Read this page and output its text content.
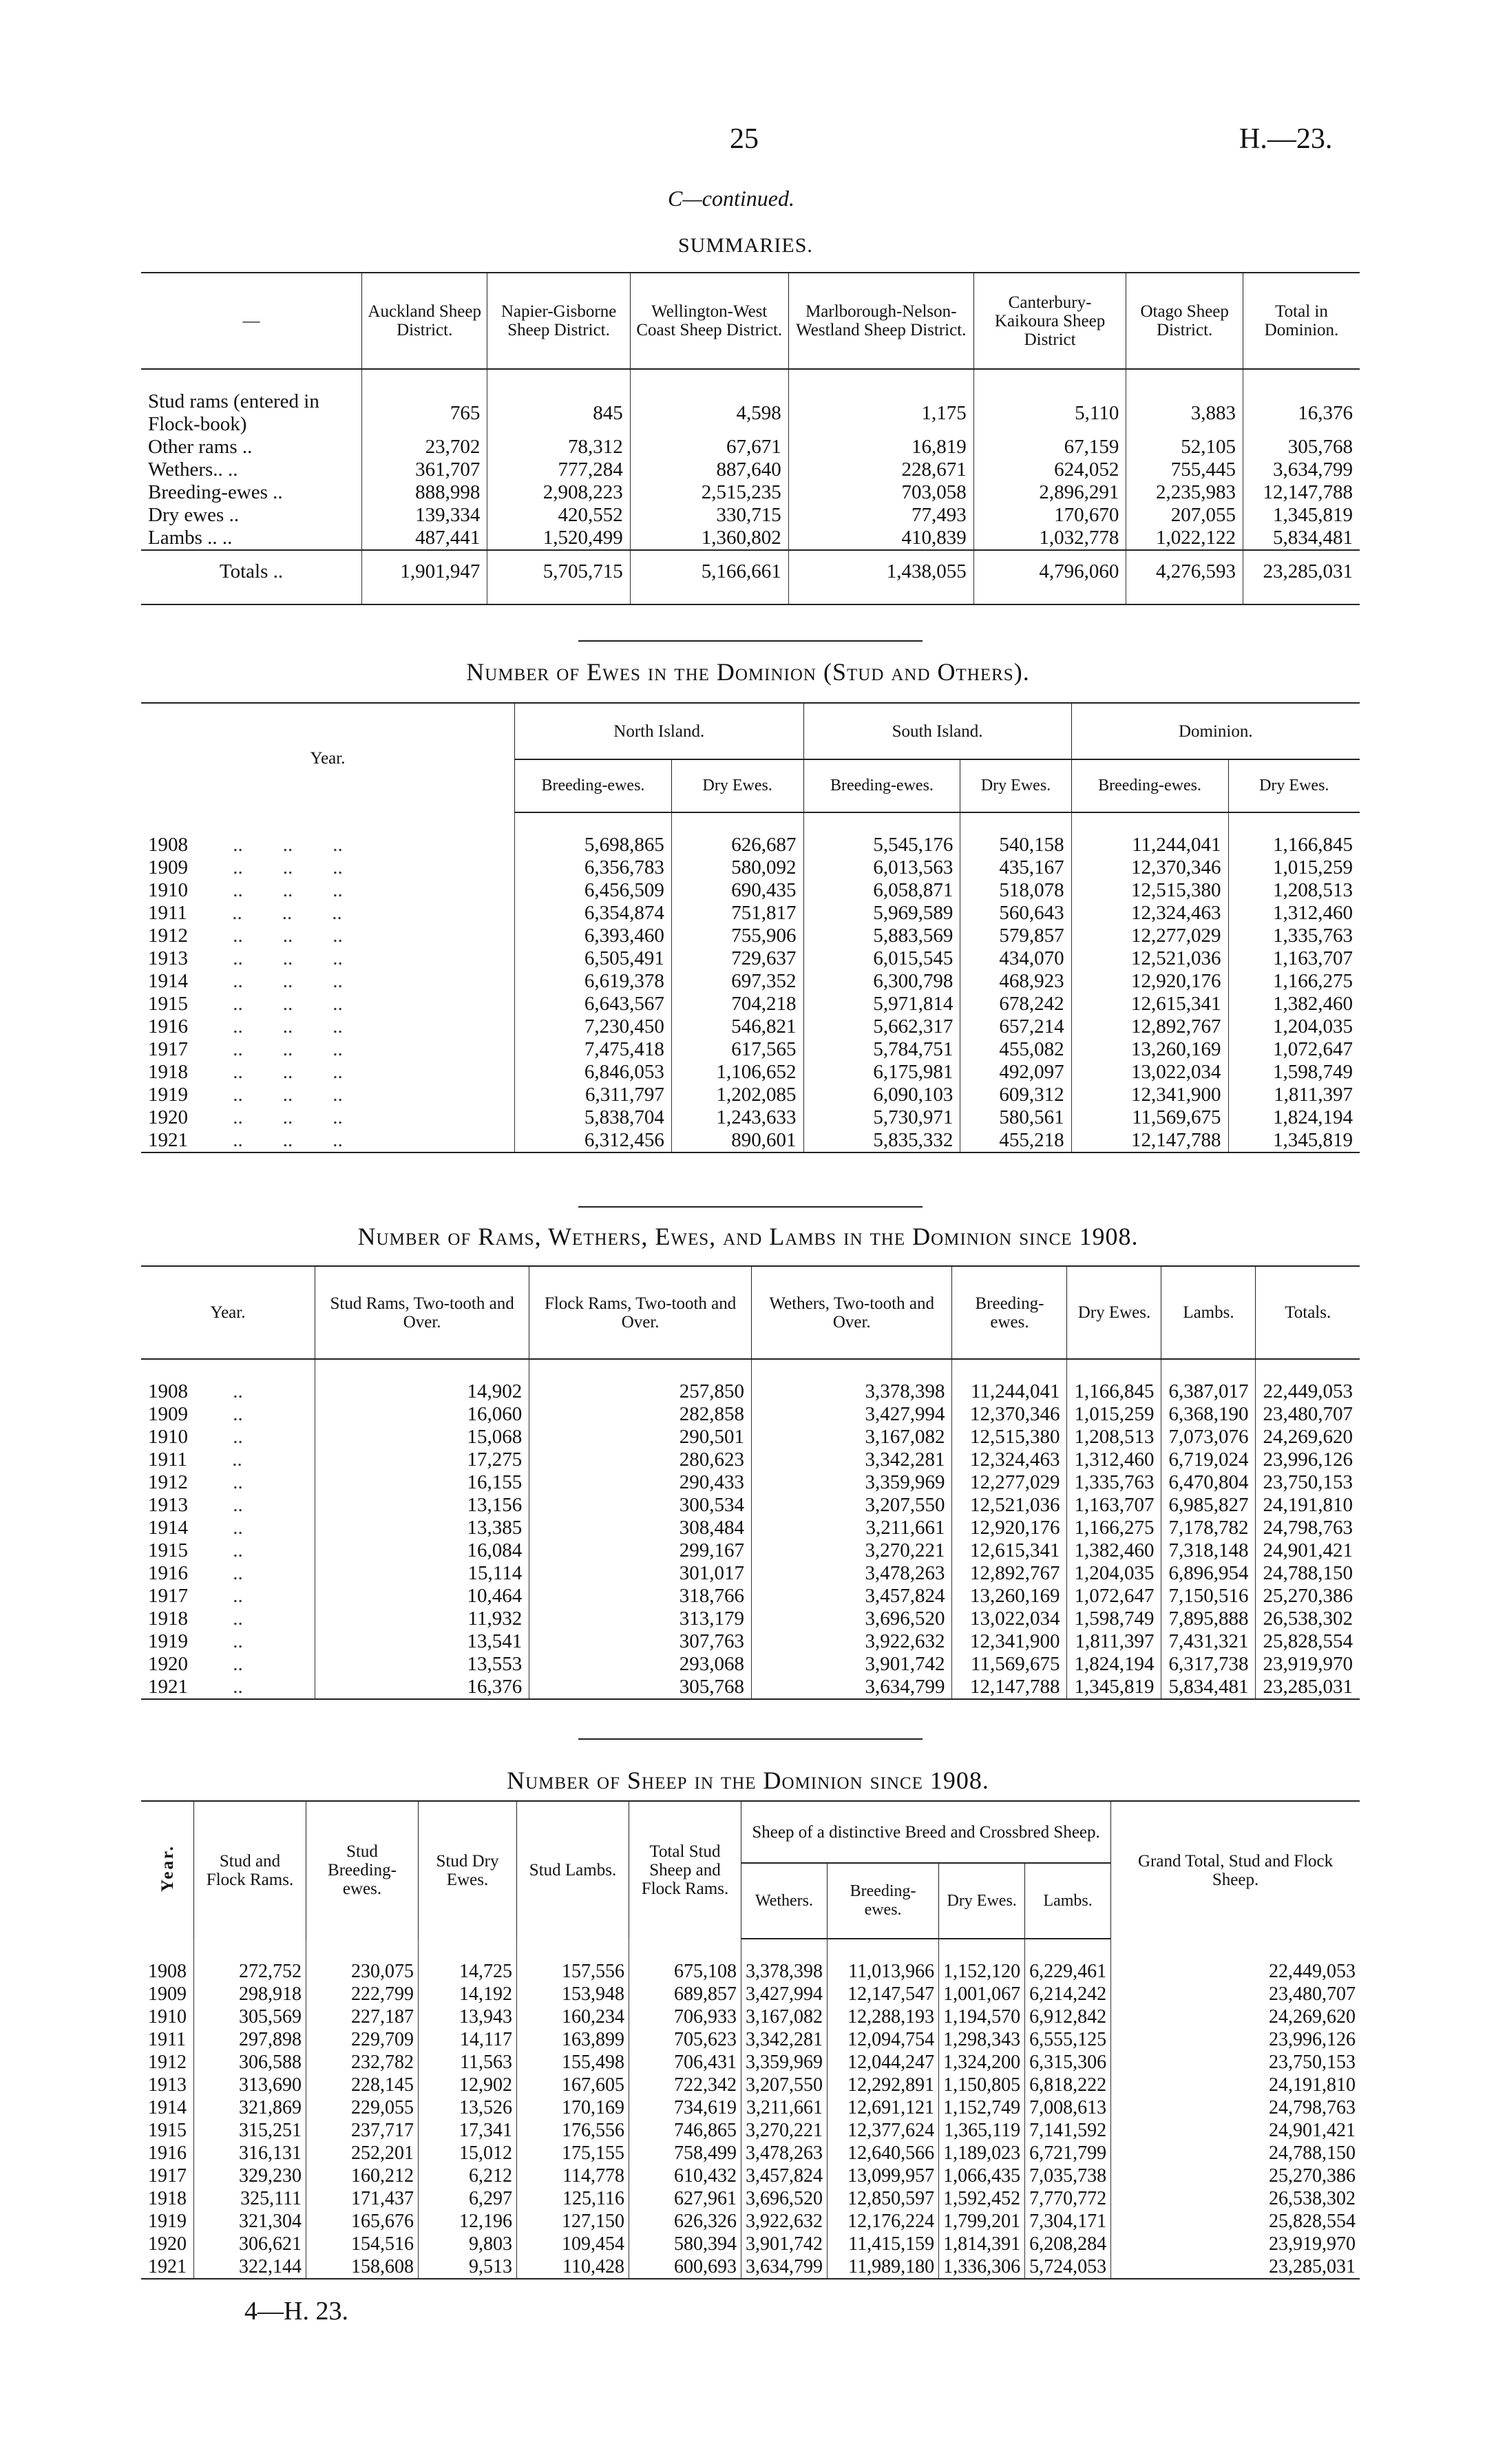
25	H.—23.
C—continued.
SUMMARIES.
—	Auckland Sheep District.	Napier-Gisborne Sheep District.	Wellington-West Coast Sheep District.	Marlborough-Nelson-Westland Sheep District.	Canterbury-Kaikoura Sheep District	Otago Sheep District.	Total in Dominion.

Stud rams (entered in Flock-book)	765	845	4,598	1,175	5,110	3,883	16,376
Other rams ..	23,702	78,312	67,671	16,819	67,159	52,105	305,768
Wethers.. ..	361,707	777,284	887,640	228,671	624,052	755,445	3,634,799
Breeding-ewes ..	888,998	2,908,223	2,515,235	703,058	2,896,291	2,235,983	12,147,788
Dry ewes ..	139,334	420,552	330,715	77,493	170,670	207,055	1,345,819
Lambs .. ..	487,441	1,520,499	1,360,802	410,839	1,032,778	1,022,122	5,834,481
Totals ..	1,901,947	5,705,715	5,166,661	1,438,055	4,796,060	4,276,593	23,285,031
Number of Ewes in the Dominion (Stud and Others).
Year.	North Island.		South Island.		Dominion.	
	Breeding-ewes.	Dry Ewes.	Breeding-ewes.	Dry Ewes.	Breeding-ewes.	Dry Ewes.

1908         ..        ..        ..	5,698,865	626,687	5,545,176	540,158	11,244,041	1,166,845
1909         ..        ..        ..	6,356,783	580,092	6,013,563	435,167	12,370,346	1,015,259
1910         ..        ..        ..	6,456,509	690,435	6,058,871	518,078	12,515,380	1,208,513
1911         ..        ..        ..	6,354,874	751,817	5,969,589	560,643	12,324,463	1,312,460
1912         ..        ..        ..	6,393,460	755,906	5,883,569	579,857	12,277,029	1,335,763
1913         ..        ..        ..	6,505,491	729,637	6,015,545	434,070	12,521,036	1,163,707
1914         ..        ..        ..	6,619,378	697,352	6,300,798	468,923	12,920,176	1,166,275
1915         ..        ..        ..	6,643,567	704,218	5,971,814	678,242	12,615,341	1,382,460
1916         ..        ..        ..	7,230,450	546,821	5,662,317	657,214	12,892,767	1,204,035
1917         ..        ..        ..	7,475,418	617,565	5,784,751	455,082	13,260,169	1,072,647
1918         ..        ..        ..	6,846,053	1,106,652	6,175,981	492,097	13,022,034	1,598,749
1919         ..        ..        ..	6,311,797	1,202,085	6,090,103	609,312	12,341,900	1,811,397
1920         ..        ..        ..	5,838,704	1,243,633	5,730,971	580,561	11,569,675	1,824,194
1921         ..        ..        ..	6,312,456	890,601	5,835,332	455,218	12,147,788	1,345,819
Number of Rams, Wethers, Ewes, and Lambs in the Dominion since 1908.
Year.	Stud Rams, Two-tooth and Over.	Flock Rams, Two-tooth and Over.	Wethers, Two-tooth and Over.	Breeding-ewes.	Dry Ewes.	Lambs.	Totals.

1908         ..	14,902	257,850	3,378,398	11,244,041	1,166,845	6,387,017	22,449,053
1909         ..	16,060	282,858	3,427,994	12,370,346	1,015,259	6,368,190	23,480,707
1910         ..	15,068	290,501	3,167,082	12,515,380	1,208,513	7,073,076	24,269,620
1911         ..	17,275	280,623	3,342,281	12,324,463	1,312,460	6,719,024	23,996,126
1912         ..	16,155	290,433	3,359,969	12,277,029	1,335,763	6,470,804	23,750,153
1913         ..	13,156	300,534	3,207,550	12,521,036	1,163,707	6,985,827	24,191,810
1914         ..	13,385	308,484	3,211,661	12,920,176	1,166,275	7,178,782	24,798,763
1915         ..	16,084	299,167	3,270,221	12,615,341	1,382,460	7,318,148	24,901,421
1916         ..	15,114	301,017	3,478,263	12,892,767	1,204,035	6,896,954	24,788,150
1917         ..	10,464	318,766	3,457,824	13,260,169	1,072,647	7,150,516	25,270,386
1918         ..	11,932	313,179	3,696,520	13,022,034	1,598,749	7,895,888	26,538,302
1919         ..	13,541	307,763	3,922,632	12,341,900	1,811,397	7,431,321	25,828,554
1920         ..	13,553	293,068	3,901,742	11,569,675	1,824,194	6,317,738	23,919,970
1921         ..	16,376	305,768	3,634,799	12,147,788	1,345,819	5,834,481	23,285,031
Number of Sheep in the Dominion since 1908.
Year.	Stud and Flock Rams.	Stud Breeding-ewes.	Stud Dry Ewes.	Stud Lambs.	Total Stud Sheep and Flock Rams.	Sheep of a distinctive Breed and Crossbred Sheep.				Grand Total, Stud and Flock Sheep.
						Wethers.	Breeding-ewes.	Dry Ewes.	Lambs.	

1908	272,752	230,075	14,725	157,556	675,108	3,378,398	11,013,966	1,152,120	6,229,461	22,449,053
1909	298,918	222,799	14,192	153,948	689,857	3,427,994	12,147,547	1,001,067	6,214,242	23,480,707
1910	305,569	227,187	13,943	160,234	706,933	3,167,082	12,288,193	1,194,570	6,912,842	24,269,620
1911	297,898	229,709	14,117	163,899	705,623	3,342,281	12,094,754	1,298,343	6,555,125	23,996,126
1912	306,588	232,782	11,563	155,498	706,431	3,359,969	12,044,247	1,324,200	6,315,306	23,750,153
1913	313,690	228,145	12,902	167,605	722,342	3,207,550	12,292,891	1,150,805	6,818,222	24,191,810
1914	321,869	229,055	13,526	170,169	734,619	3,211,661	12,691,121	1,152,749	7,008,613	24,798,763
1915	315,251	237,717	17,341	176,556	746,865	3,270,221	12,377,624	1,365,119	7,141,592	24,901,421
1916	316,131	252,201	15,012	175,155	758,499	3,478,263	12,640,566	1,189,023	6,721,799	24,788,150
1917	329,230	160,212	6,212	114,778	610,432	3,457,824	13,099,957	1,066,435	7,035,738	25,270,386
1918	325,111	171,437	6,297	125,116	627,961	3,696,520	12,850,597	1,592,452	7,770,772	26,538,302
1919	321,304	165,676	12,196	127,150	626,326	3,922,632	12,176,224	1,799,201	7,304,171	25,828,554
1920	306,621	154,516	9,803	109,454	580,394	3,901,742	11,415,159	1,814,391	6,208,284	23,919,970
1921	322,144	158,608	9,513	110,428	600,693	3,634,799	11,989,180	1,336,306	5,724,053	23,285,031
4—H. 23.
